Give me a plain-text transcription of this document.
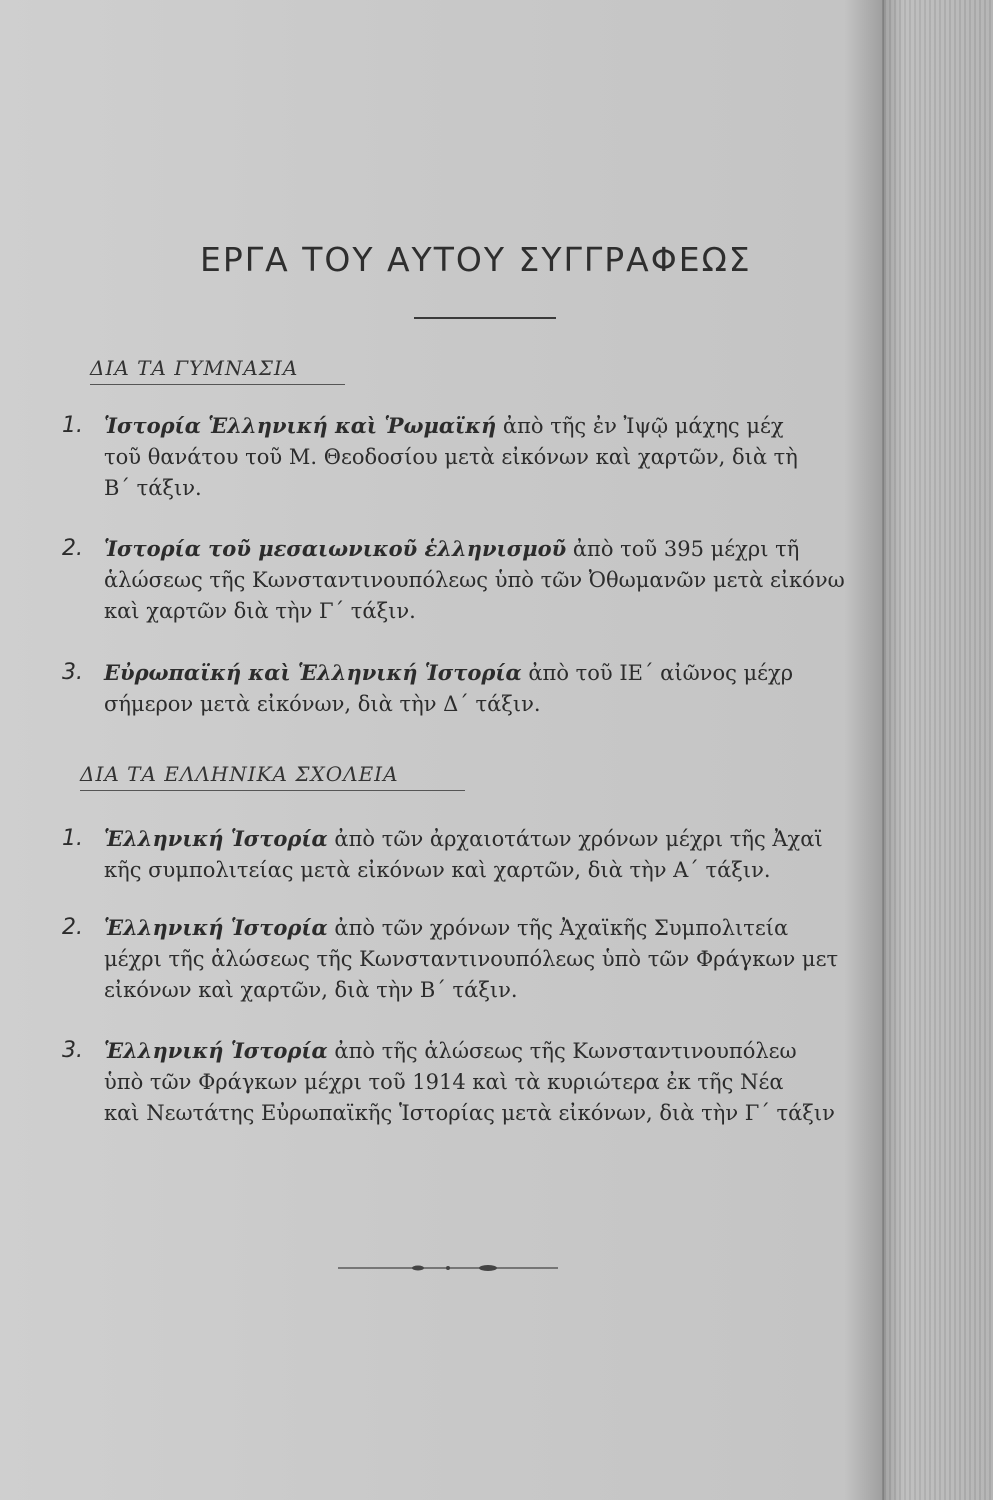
ΕΡΓΑ ΤΟΥ ΑΥΤΟΥ ΣΥΓΓΡΑΦΕΩΣ
ΔΙΑ ΤΑ ΓΥΜΝΑΣΙΑ
1. Ἱστορία Ἑλληνική καὶ Ῥωμαϊκή ἀπὸ τῆς ἐν Ἰψῷ μάχης μέχ
τοῦ θανάτου τοῦ Μ. Θεοδοσίου μετὰ εἰκόνων καὶ χαρτῶν, διὰ τὴ
Β΄ τάξιν.
2. Ἱστορία τοῦ μεσαιωνικοῦ ἑλληνισμοῦ ἀπὸ τοῦ 395 μέχρι τῆ
ἁλώσεως τῆς Κωνσταντινουπόλεως ὑπὸ τῶν Ὀθωμανῶν μετὰ εἰκόνω
καὶ χαρτῶν διὰ τὴν Γ΄ τάξιν.
3. Εὐρωπαϊκή καὶ Ἑλληνική Ἱστορία ἀπὸ τοῦ ΙΕ΄ αἰῶνος μέχρ
σήμερον μετὰ εἰκόνων, διὰ τὴν Δ΄ τάξιν.
ΔΙΑ ΤΑ ΕΛΛΗΝΙΚΑ ΣΧΟΛΕΙΑ
1. Ἑλληνική Ἱστορία ἀπὸ τῶν ἀρχαιοτάτων χρόνων μέχρι τῆς Ἀχαϊ
κῆς συμπολιτείας μετὰ εἰκόνων καὶ χαρτῶν, διὰ τὴν Α΄ τάξιν.
2. Ἑλληνική Ἱστορία ἀπὸ τῶν χρόνων τῆς Ἀχαϊκῆς Συμπολιτεία
μέχρι τῆς ἁλώσεως τῆς Κωνσταντινουπόλεως ὑπὸ τῶν Φράγκων μετ
εἰκόνων καὶ χαρτῶν, διὰ τὴν Β΄ τάξιν.
3. Ἑλληνική Ἱστορία ἀπὸ τῆς ἁλώσεως τῆς Κωνσταντινουπόλεω
ὑπὸ τῶν Φράγκων μέχρι τοῦ 1914 καὶ τὰ κυριώτερα ἐκ τῆς Νέα
καὶ Νεωτάτης Εὐρωπαϊκῆς Ἱστορίας μετὰ εἰκόνων, διὰ τὴν Γ΄ τάξιν
